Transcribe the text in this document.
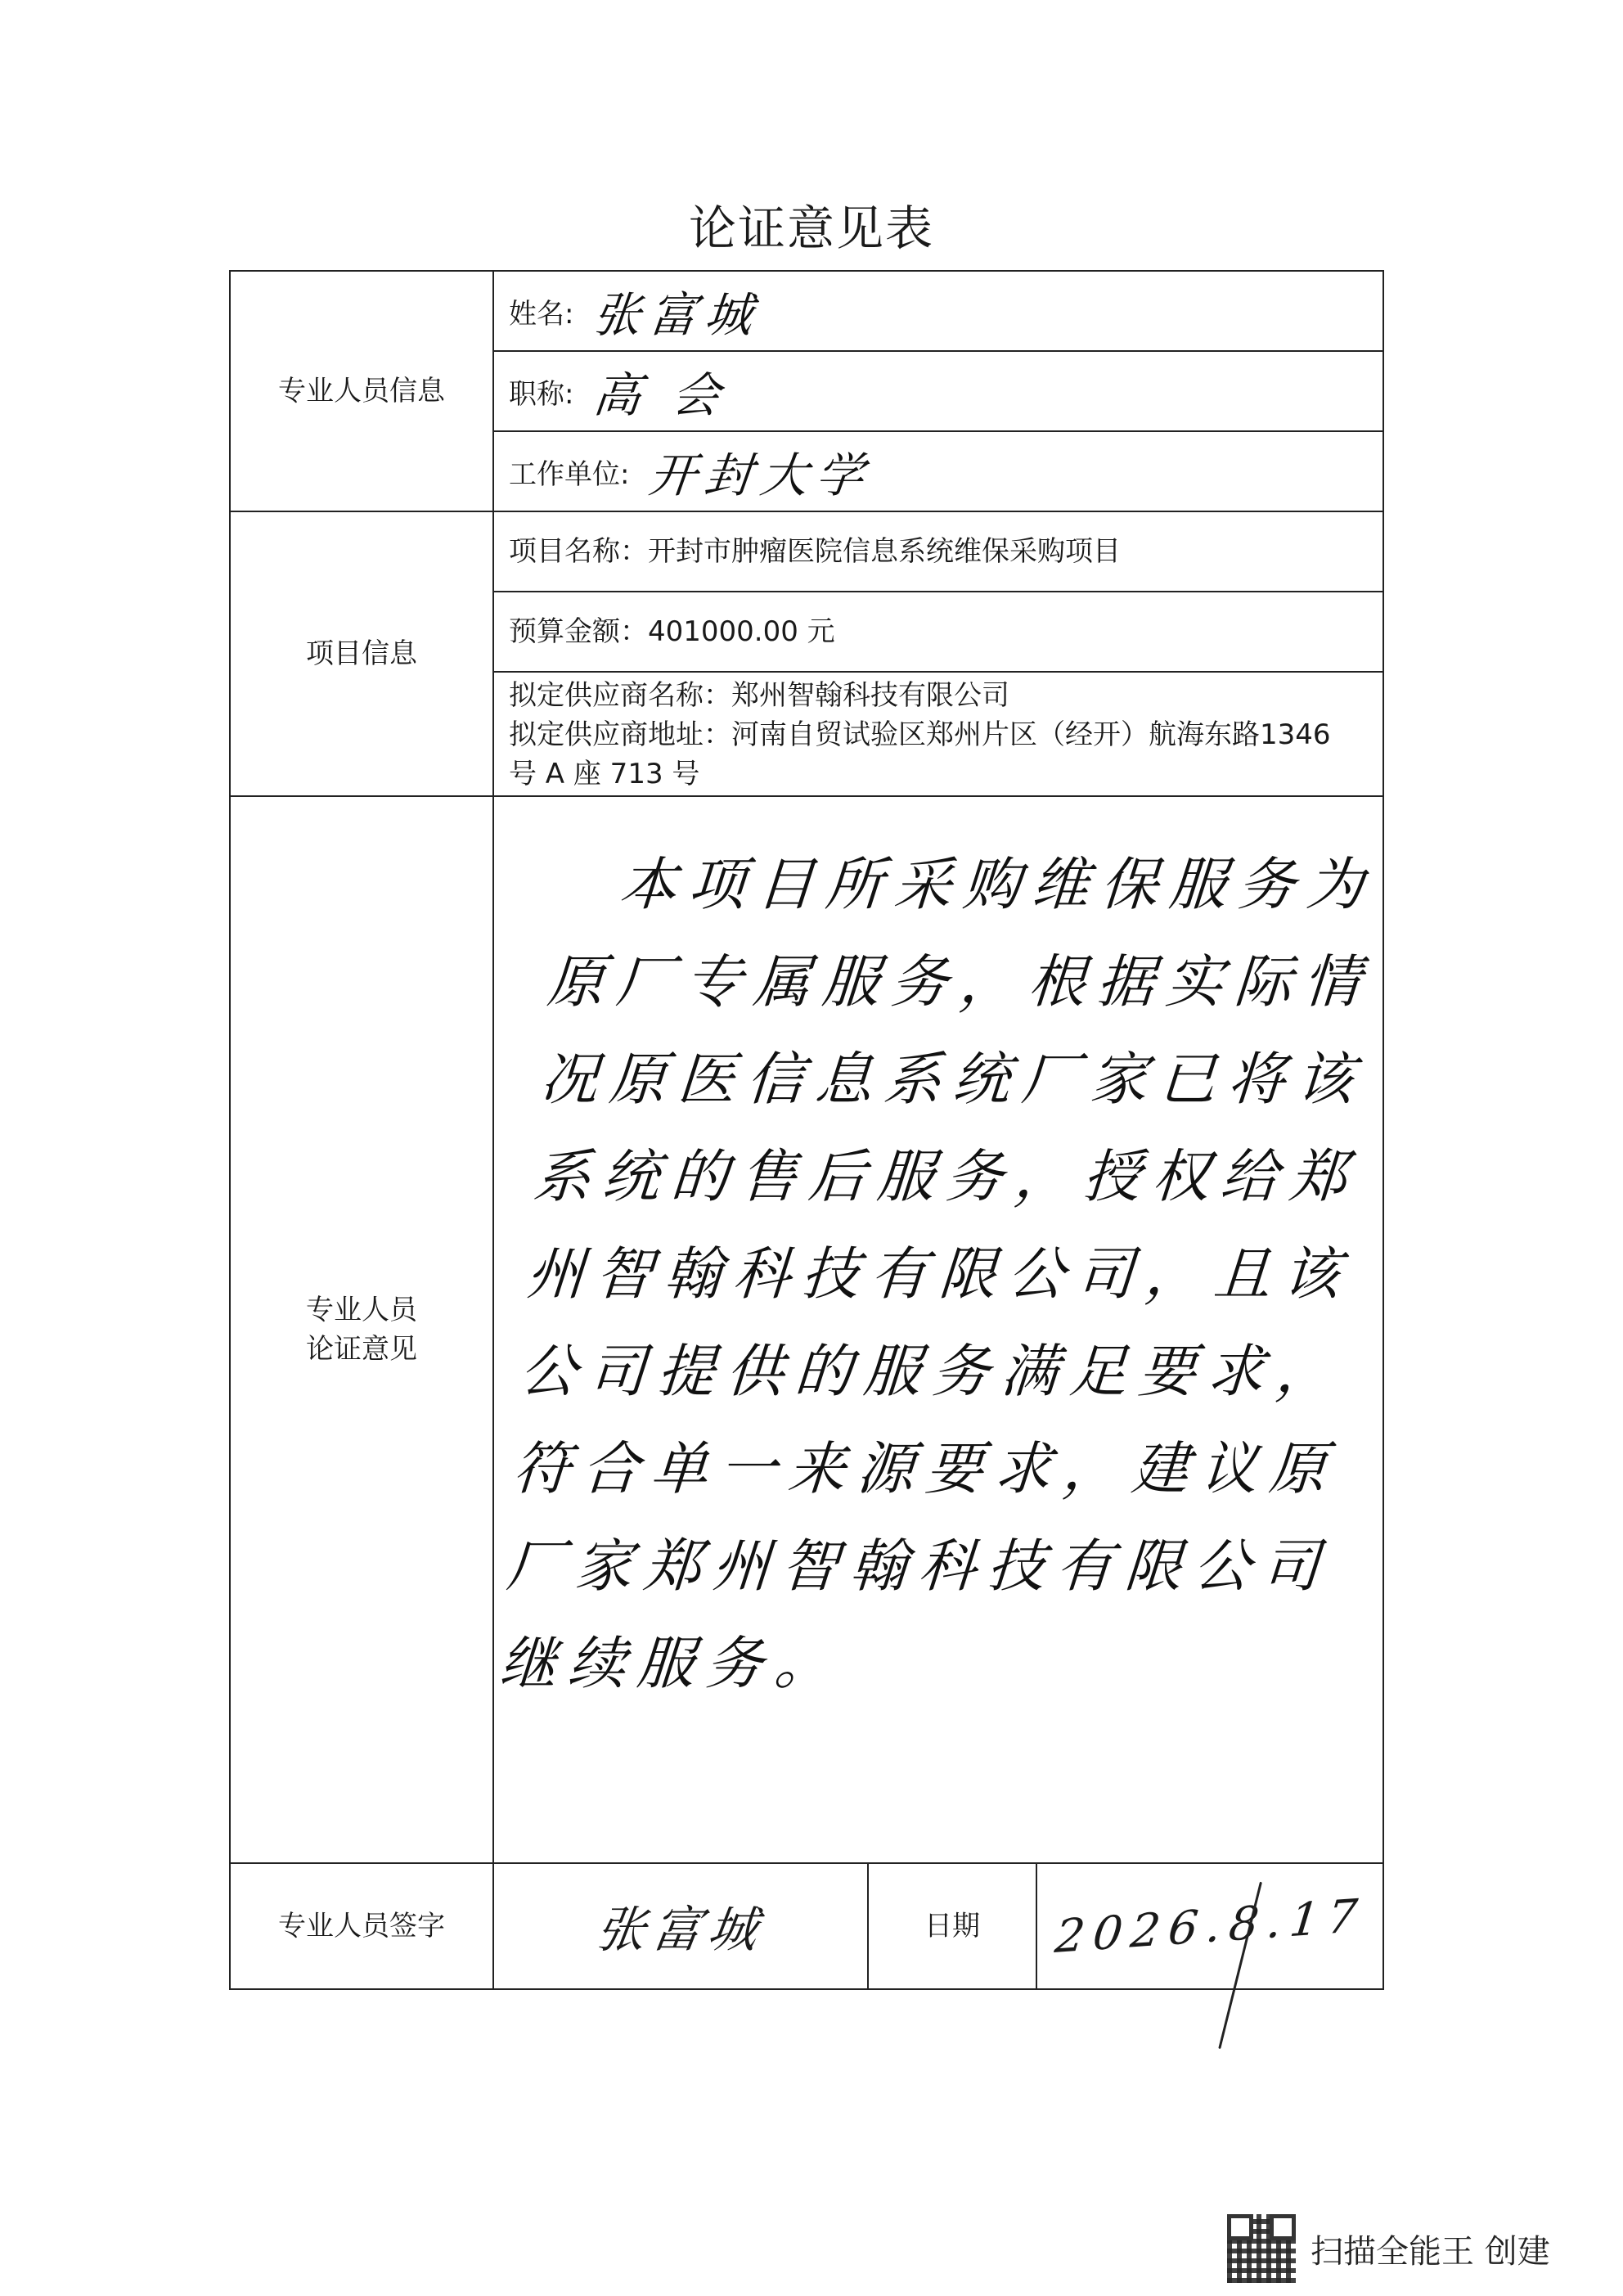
论证意见表
专业人员信息	姓名: 张富城		
	职称: 高 会		
	工作单位: 开封大学		
项目信息	项目名称：开封市肿瘤医院信息系统维保采购项目		
	预算金额：401000.00 元		

	拟定供应商名称：郑州智翰科技有限公司
拟定供应商地址：河南自贸试验区郑州片区（经开）航海东路1346 号 A 座 713 号		

专业人员
论证意见	本项目所采购维保服务为原厂专属服务，根据实际情况原医信息系统厂家已将该系统的售后服务，授权给郑州智翰科技有限公司，且该公司提供的服务满足要求，符合单一来源要求，建议原厂家郑州智翰科技有限公司继续服务。		

专业人员签字	张富城	日期	2026.8.17
扫描全能王 创建
